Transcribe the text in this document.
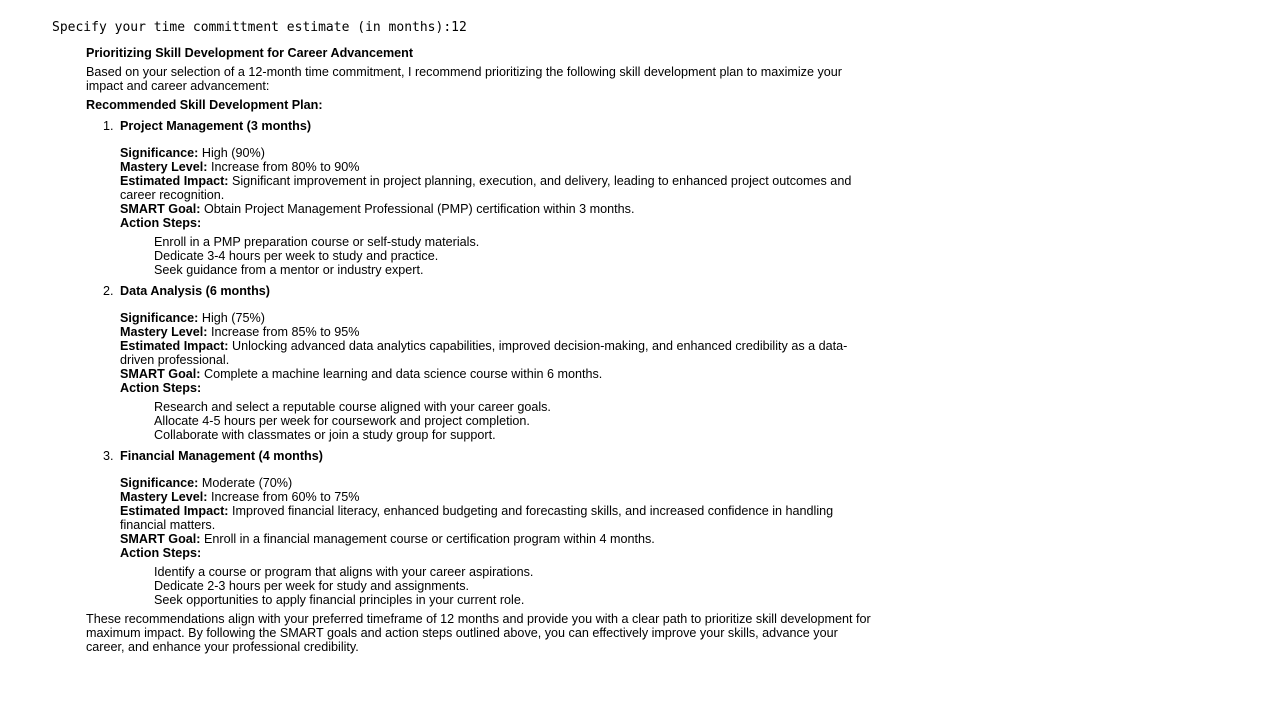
Specify your time committment estimate (in months):12
Prioritizing Skill Development for Career Advancement
Based on your selection of a 12-month time commitment, I recommend prioritizing the following skill development plan to maximize your impact and career advancement:
Recommended Skill Development Plan:
1. Project Management (3 months)
Significance: High (90%)
Mastery Level: Increase from 80% to 90%
Estimated Impact: Significant improvement in project planning, execution, and delivery, leading to enhanced project outcomes and career recognition.
SMART Goal: Obtain Project Management Professional (PMP) certification within 3 months.
Action Steps:
Enroll in a PMP preparation course or self-study materials.
Dedicate 3-4 hours per week to study and practice.
Seek guidance from a mentor or industry expert.
2. Data Analysis (6 months)
Significance: High (75%)
Mastery Level: Increase from 85% to 95%
Estimated Impact: Unlocking advanced data analytics capabilities, improved decision-making, and enhanced credibility as a data-driven professional.
SMART Goal: Complete a machine learning and data science course within 6 months.
Action Steps:
Research and select a reputable course aligned with your career goals.
Allocate 4-5 hours per week for coursework and project completion.
Collaborate with classmates or join a study group for support.
3. Financial Management (4 months)
Significance: Moderate (70%)
Mastery Level: Increase from 60% to 75%
Estimated Impact: Improved financial literacy, enhanced budgeting and forecasting skills, and increased confidence in handling financial matters.
SMART Goal: Enroll in a financial management course or certification program within 4 months.
Action Steps:
Identify a course or program that aligns with your career aspirations.
Dedicate 2-3 hours per week for study and assignments.
Seek opportunities to apply financial principles in your current role.
These recommendations align with your preferred timeframe of 12 months and provide you with a clear path to prioritize skill development for maximum impact. By following the SMART goals and action steps outlined above, you can effectively improve your skills, advance your career, and enhance your professional credibility.
